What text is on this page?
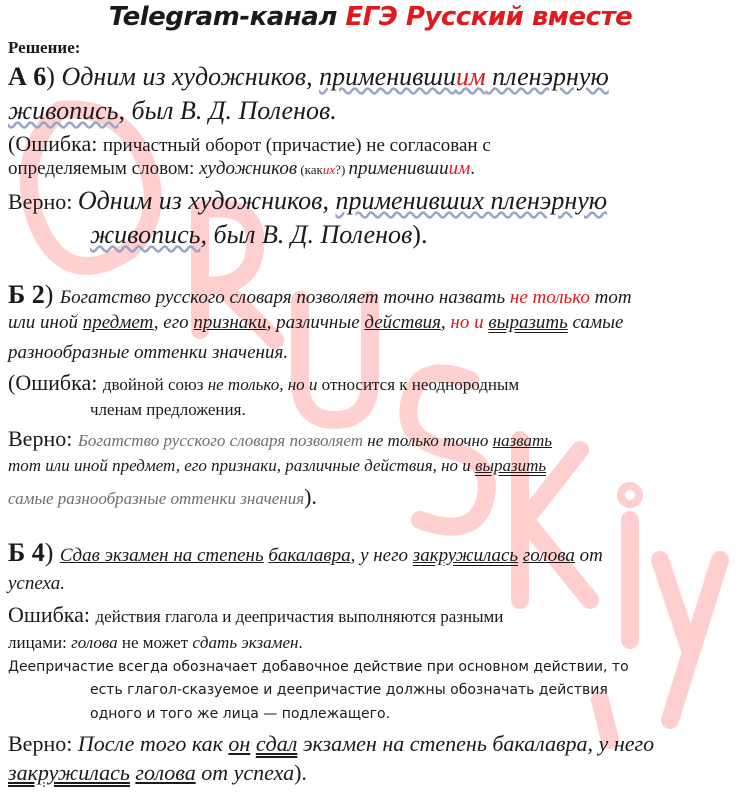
Telegram-канал ЕГЭ Русский вместе
Решение:
А 6) Одним из художников, применившиим пленэрную
живопись, был В. Д. Поленов.
(Ошибка: причастный оборот (причастие) не согласован с
определяемым словом: художников (каких?) применившиим.
Верно: Одним из художников, применивших пленэрную
живопись, был В. Д. Поленов).
Б 2) Богатство русского словаря позволяет точно назвать не только тот
или иной предмет, его признаки, различные действия, но и выразить самые
разнообразные оттенки значения.
(Ошибка: двойной союз не только, но и относится к неоднородным
членам предложения.
Верно: Богатство русского словаря позволяет не только точно назвать
тот или иной предмет, его признаки, различные действия, но и выразить
самые разнообразные оттенки значения).
Б 4) Сдав экзамен на степень бакалавра, у него закружилась голова от
успеха.
Ошибка: действия глагола и деепричастия выполняются разными
лицами: голова не может сдать экзамен.
Деепричастие всегда обозначает добавочное действие при основном действии, то
есть глагол-сказуемое и деепричастие должны обозначать действия
одного и того же лица — подлежащего.
Верно: После того как он сдал экзамен на степень бакалавра, у него
закружилась голова от успеха).
